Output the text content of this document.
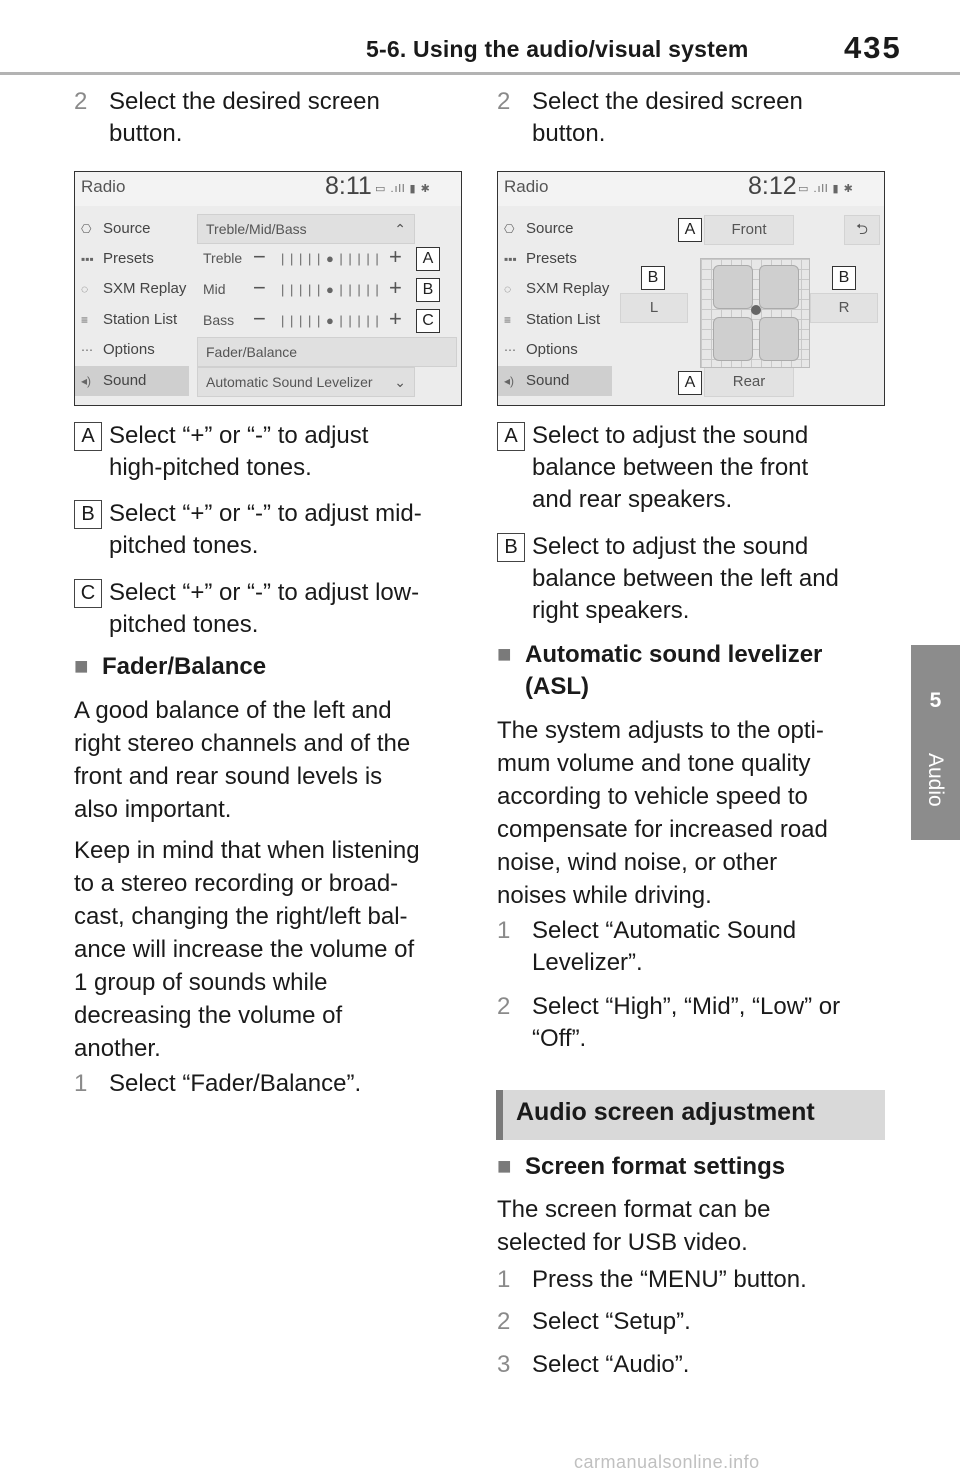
5-6. Using the audio/visual system	435
5
Audio
2 Select the desired screen button.
Radio	8:11 ▭ .ıll ▮ ✱
⎔ Source
▪▪▪ Presets
◌ SXM Replay
≡ Station List
⋯ Options
◂) Sound
Treble/Mid/Bass	⌃
Treble − | | | | | ● | | | | | +	A
Mid − | | | | | ● | | | | | +	B
Bass − | | | | | ● | | | | | +	C
Fader/Balance
Automatic Sound Levelizer ⌄
A Select “+” or “-” to adjust
high-pitched tones.
B Select “+” or “-” to adjust mid-
pitched tones.
C Select “+” or “-” to adjust low-
pitched tones.
■ Fader/Balance
A good balance of the left and
right stereo channels and of the
front and rear sound levels is
also important.
Keep in mind that when listening
to a stereo recording or broad-
cast, changing the right/left bal-
ance will increase the volume of
1 group of sounds while
decreasing the volume of
another.
1 Select “Fader/Balance”.
2 Select the desired screen button.
Radio	8:12 ▭ .ıll ▮ ✱
⎔ Source
▪▪▪ Presets
◌ SXM Replay
≡ Station List
⋯ Options
◂) Sound
A	Front	⮌
B	B
L	R
A	Rear
A Select to adjust the sound
balance between the front
and rear speakers.
B Select to adjust the sound
balance between the left and
right speakers.
■ Automatic sound levelizer
(ASL)
The system adjusts to the opti-
mum volume and tone quality
according to vehicle speed to
compensate for increased road
noise, wind noise, or other
noises while driving.
1 Select “Automatic Sound
Levelizer”.
2 Select “High”, “Mid”, “Low” or
“Off”.
Audio screen adjustment
■ Screen format settings
The screen format can be
selected for USB video.
1 Press the “MENU” button.
2 Select “Setup”.
3 Select “Audio”.
carmanualsonline.info
